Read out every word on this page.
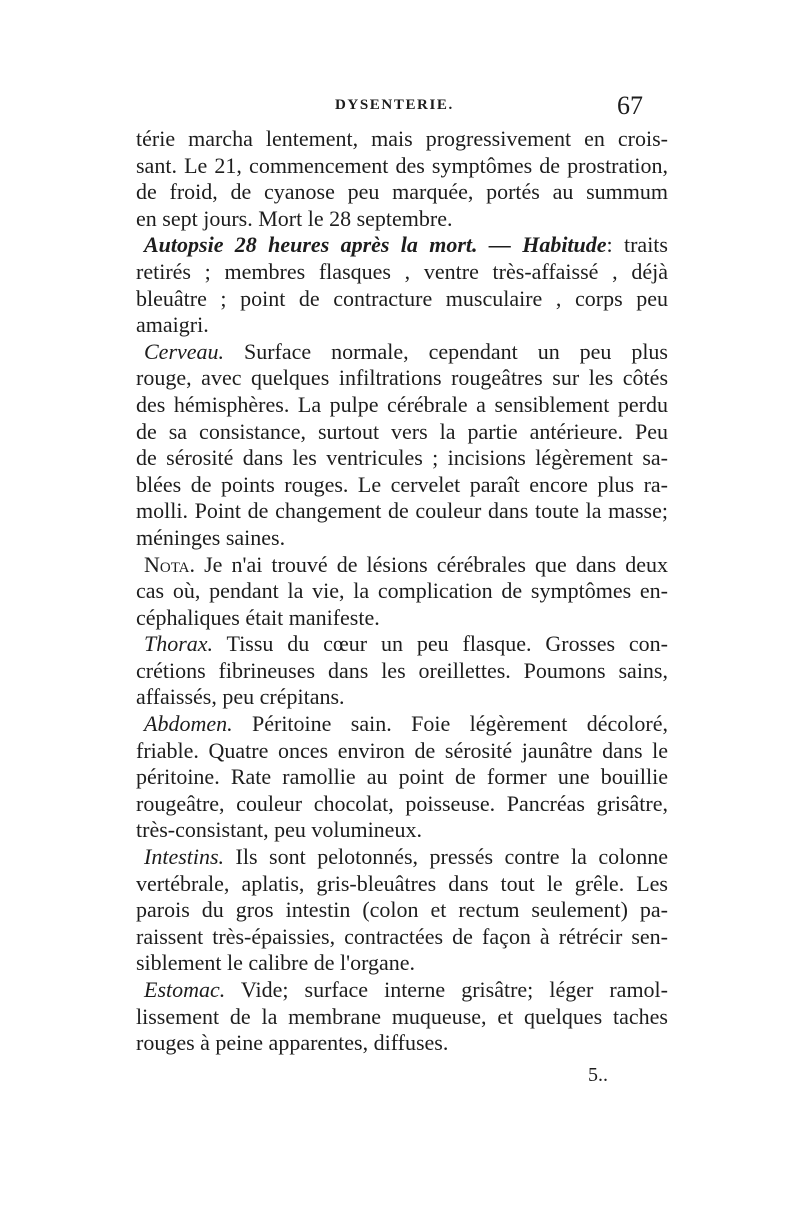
DYSENTERIE.	67
térie marcha lentement, mais progressivement en crois-
sant. Le 21, commencement des symptômes de prostration,
de froid, de cyanose peu marquée, portés au summum
en sept jours. Mort le 28 septembre.
Autopsie 28 heures après la mort. — Habitude: traits
retirés ; membres flasques , ventre très-affaissé , déjà
bleuâtre ; point de contracture musculaire , corps peu
amaigri.
Cerveau. Surface normale, cependant un peu plus
rouge, avec quelques infiltrations rougeâtres sur les côtés
des hémisphères. La pulpe cérébrale a sensiblement perdu
de sa consistance, surtout vers la partie antérieure. Peu
de sérosité dans les ventricules ; incisions légèrement sa-
blées de points rouges. Le cervelet paraît encore plus ra-
molli. Point de changement de couleur dans toute la masse;
méninges saines.
Nota. Je n'ai trouvé de lésions cérébrales que dans deux
cas où, pendant la vie, la complication de symptômes en-
céphaliques était manifeste.
Thorax. Tissu du cœur un peu flasque. Grosses con-
crétions fibrineuses dans les oreillettes. Poumons sains,
affaissés, peu crépitans.
Abdomen. Péritoine sain. Foie légèrement décoloré,
friable. Quatre onces environ de sérosité jaunâtre dans le
péritoine. Rate ramollie au point de former une bouillie
rougeâtre, couleur chocolat, poisseuse. Pancréas grisâtre,
très-consistant, peu volumineux.
Intestins. Ils sont pelotonnés, pressés contre la colonne
vertébrale, aplatis, gris-bleuâtres dans tout le grêle. Les
parois du gros intestin (colon et rectum seulement) pa-
raissent très-épaissies, contractées de façon à rétrécir sen-
siblement le calibre de l'organe.
Estomac. Vide; surface interne grisâtre; léger ramol-
lissement de la membrane muqueuse, et quelques taches
rouges à peine apparentes, diffuses.
5..
